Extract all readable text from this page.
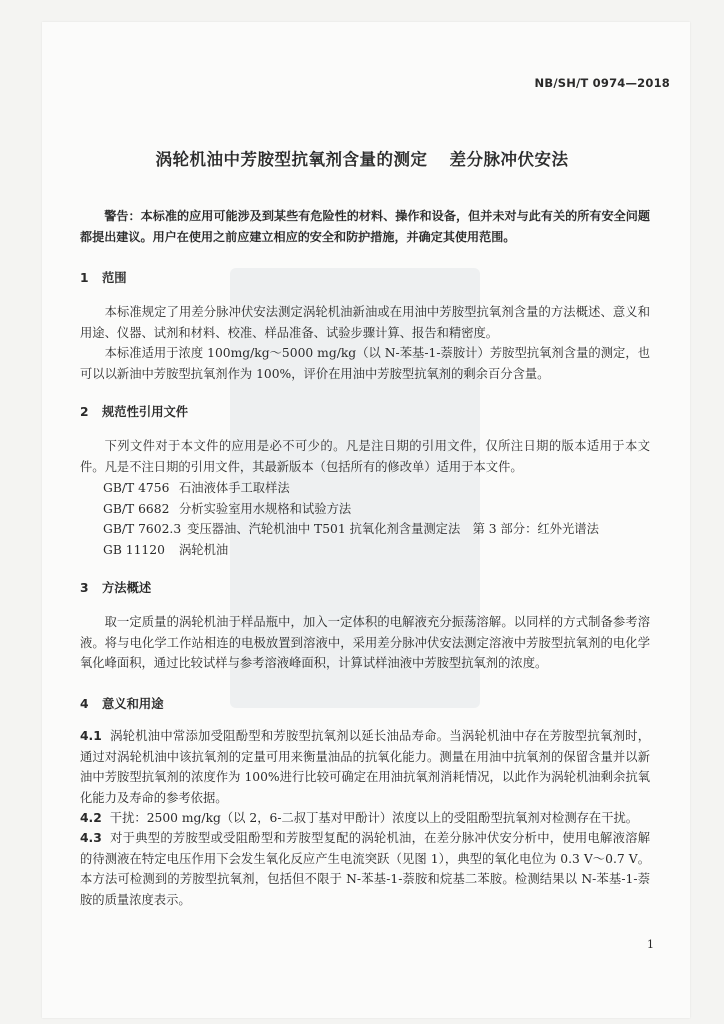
NB/SH/T 0974—2018
涡轮机油中芳胺型抗氧剂含量的测定 差分脉冲伏安法
警告：本标准的应用可能涉及到某些有危险性的材料、操作和设备，但并未对与此有关的所有安全问题都提出建议。用户在使用之前应建立相应的安全和防护措施，并确定其使用范围。
1 范围
本标准规定了用差分脉冲伏安法测定涡轮机油新油或在用油中芳胺型抗氧剂含量的方法概述、意义和用途、仪器、试剂和材料、校准、样品准备、试验步骤计算、报告和精密度。
本标准适用于浓度 100mg/kg～5000 mg/kg（以 N-苯基-1-萘胺计）芳胺型抗氧剂含量的测定，也可以以新油中芳胺型抗氧剂作为 100%，评价在用油中芳胺型抗氧剂的剩余百分含量。
2 规范性引用文件
下列文件对于本文件的应用是必不可少的。凡是注日期的引用文件，仅所注日期的版本适用于本文件。凡是不注日期的引用文件，其最新版本（包括所有的修改单）适用于本文件。
GB/T 4756 石油液体手工取样法
GB/T 6682 分析实验室用水规格和试验方法
GB/T 7602.3 变压器油、汽轮机油中 T501 抗氧化剂含量测定法　第 3 部分：红外光谱法
GB 11120 涡轮机油
3 方法概述
取一定质量的涡轮机油于样品瓶中，加入一定体积的电解液充分振荡溶解。以同样的方式制备参考溶液。将与电化学工作站相连的电极放置到溶液中，采用差分脉冲伏安法测定溶液中芳胺型抗氧剂的电化学氧化峰面积，通过比较试样与参考溶液峰面积，计算试样油液中芳胺型抗氧剂的浓度。
4 意义和用途
4.1 涡轮机油中常添加受阻酚型和芳胺型抗氧剂以延长油品寿命。当涡轮机油中存在芳胺型抗氧剂时，通过对涡轮机油中该抗氧剂的定量可用来衡量油品的抗氧化能力。测量在用油中抗氧剂的保留含量并以新油中芳胺型抗氧剂的浓度作为 100%进行比较可确定在用油抗氧剂消耗情况，以此作为涡轮机油剩余抗氧化能力及寿命的参考依据。
4.2 干扰：2500 mg/kg（以 2，6-二叔丁基对甲酚计）浓度以上的受阻酚型抗氧剂对检测存在干扰。
4.3 对于典型的芳胺型或受阻酚型和芳胺型复配的涡轮机油，在差分脉冲伏安分析中，使用电解液溶解的待测液在特定电压作用下会发生氧化反应产生电流突跃（见图 1），典型的氧化电位为 0.3 V～0.7 V。本方法可检测到的芳胺型抗氧剂，包括但不限于 N-苯基-1-萘胺和烷基二苯胺。检测结果以 N-苯基-1-萘胺的质量浓度表示。
1
